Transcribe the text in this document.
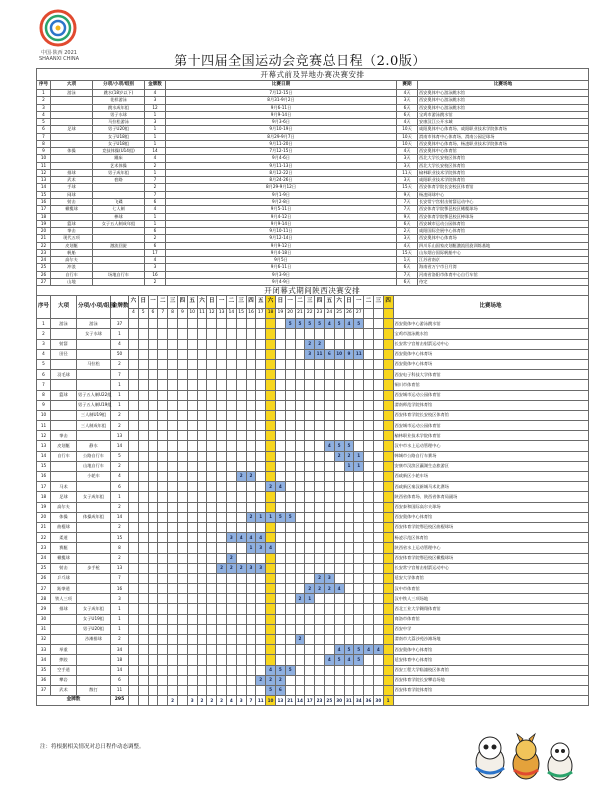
中国·陕西 2021
SHAANXI CHINA	第十四届全国运动会竞赛总日程（2.0版）
开幕式前及异地办赛决赛安排						
序号	大项	分项/小项/组别	金牌数	比赛日期	赛期	比赛场地
1	游泳	跳水(18岁以下)	4	7月12-15日	4天	西安奥体中心游泳跳水馆
2		花样游泳	3	8月31-9月2日	3天	西安奥体中心游泳跳水馆
3		跳水成年组	12	9月6-11日	6天	西安奥体中心游泳跳水馆
4		男子水球	1	9月9-14日	6天	宝鸡市游泳跳水馆
5		马拉松游泳	3	9月3-6日	4天	安康汉江公开水域
6	足球	男子U20组	1	9月10-19日	10天	咸阳奥体中心体育场、咸阳职业技术学院体育场
7		女子U18组	1	8月29-9月7日	10天	渭南市体育中心体育场、渭南公园足球场
8		女子U18组	1	9月11-20日	10天	西安奥体中心体育场、杨凌职业技术学院体育场
9	体操	竞技体操(U14组)	14	7月12-15日	4天	西安奥体中心体育馆
10		蹦床	4	9月4-6日	3天	西北大学长安校区体育馆
11		艺术体操	2	9月11-13日	3天	西北大学长安校区体育馆
12	排球	男子成年组	1	8月12-22日	11天	榆林职业技术学院体育馆
13	武术	套路	7	8月24-26日	3天	咸阳职业技术学院体育馆
14	手球		2	8月29-9月12日	15天	西安体育学院长安校区体育馆
15	网球		7	9月1-9日	9天	杨凌网球中心
16	射击	飞碟	6	9月2-8日	7天	长安常宁宫射击射箭运动中心
17	橄榄球	七人制	4	9月5-11日	7天	西安体育学院鄠邑校区橄榄球场
18		棒球	1	9月4-12日	9天	西安体育学院鄠邑校区棒球场
19	篮球	女子五人制成年组	1	9月9-14日	6天	西安城市运动公园体育馆
20	拳击		6	9月10-11日	2天	咸阳国际会展中心体育馆
21	现代五项		2	9月12-14日	3天	西安奥体中心体育场
22	皮划艇	激流回旋	6	9月9-12日	4天	四川乐山国家皮划艇激流回旋训练基地
23	帆船		17	9月4-18日	15天	山东烟台国际帆船中心
24	高尔夫		4	9月5日	1天	江苏省南京
25	冲浪		3	9月6-11日	6天	海南省万宁市日月湾
26	自行车	场地自行车	16	9月3-9日	7天	河南省洛阳市体育中心自行车馆
27	山地		2	9月4-9日	6天	待定
开闭幕式期间陕西决赛安排																															
序号	大项	分项/小项/组别	金牌数	六	日	一	二	三	四	五	六	日	一	二	三	四	五	六	日	一	二	三	四	五	六	日	一	二	三	四	比赛场地
				4	5	6	7	8	9	10	11	12	13	14	15	16	17	18	19	20	21	22	23	24	25	26	27				
1	游泳	游泳	37																	5	5	5	5	4	5	4	5				西安奥体中心游泳跳水馆
2		女子水球	1																												宝鸡市游泳跳水馆
3	射箭		4																			2	2								长安常宁宫射击射箭运动中心
4	田径		50																			3	11	6	10	9	11				西安奥体中心体育场
5		马拉松	2																												西安奥体中心体育场
6	羽毛球		7																												西安电子科技大学体育馆
7			1																												铜川市体育馆
8	篮球	男子五人制U22组	1																												西安城市运动公园体育馆
9		男子五人制U19组	1																												渭南师范学院体育馆
10		三人制U19组	2																												西安体育学院长安校区体育馆
11		三人制成年组	2																												西安城市运动公园体育馆
12	拳击		13																												榆林职业技术学院体育馆
13	皮划艇	静水	14																					4	5	5					汉中市水上运动管理中心
14	自行车	公路自行车	5																						2	2	1				韩城市公路自行车赛场
15		山地自行车	2																							1	1				安康市汉滨区瀛湖生态旅游区
16		小轮车	4												2	2															西咸新区小轮车场
17	马术		6															2	4												西咸新区秦汉新城马术比赛场
18	足球	女子成年组	1																												陕西省体育场、陕西省体育局副场
19	高尔夫		2																												西安泰和国际高尔夫球场
20	体操	体操成年组	14													2	1	1	5	5											西安奥体中心体育馆
21	曲棍球		2																												西安体育学院鄠邑校区曲棍球场
22	柔道		15											3	4	4	4														杨凌示范区体育馆
23	赛艇		8													1	3	4													陕西省水上运动管理中心
24	橄榄球		2											2																	西安体育学院鄠邑校区橄榄球场
25	射击	步手枪	13										2	2	2	3	3														长安常宁宫射击射箭运动中心
26	乒乓球		7																				2	3							延安大学体育馆
27	跆拳道		16																			2	2	2	4						汉中市体育馆
28	铁人三项		3																		2	1									汉中铁人三项场地
29	排球	女子成年组	1																												西北工业大学翱翔体育馆
30		女子U19组	1																												商洛市体育馆
31		男子U20组	1																												西安中学
32		沙滩排球	2																		2										渭南市大荔沙苑沙滩场地
33	举重		34																						4	5	5	4	4		西安奥体中心体育馆
34	摔跤		18																					4	5	4	5				延安体育中心体育馆
35	空手道		14															4	5	5											西安工程大学临潼校区体育馆
36	攀岩		6														2	2	2												西安体育学院长安攀岩场地
37	武术	散打	11															5	6												西安体育学院体育馆
金牌数			295					2		3	2	2	2	4	3	7	11	10	13	21	14	17	23	25	30	31	34	36	30	1	
注：将根据相关情况对总日程作动态调整。
